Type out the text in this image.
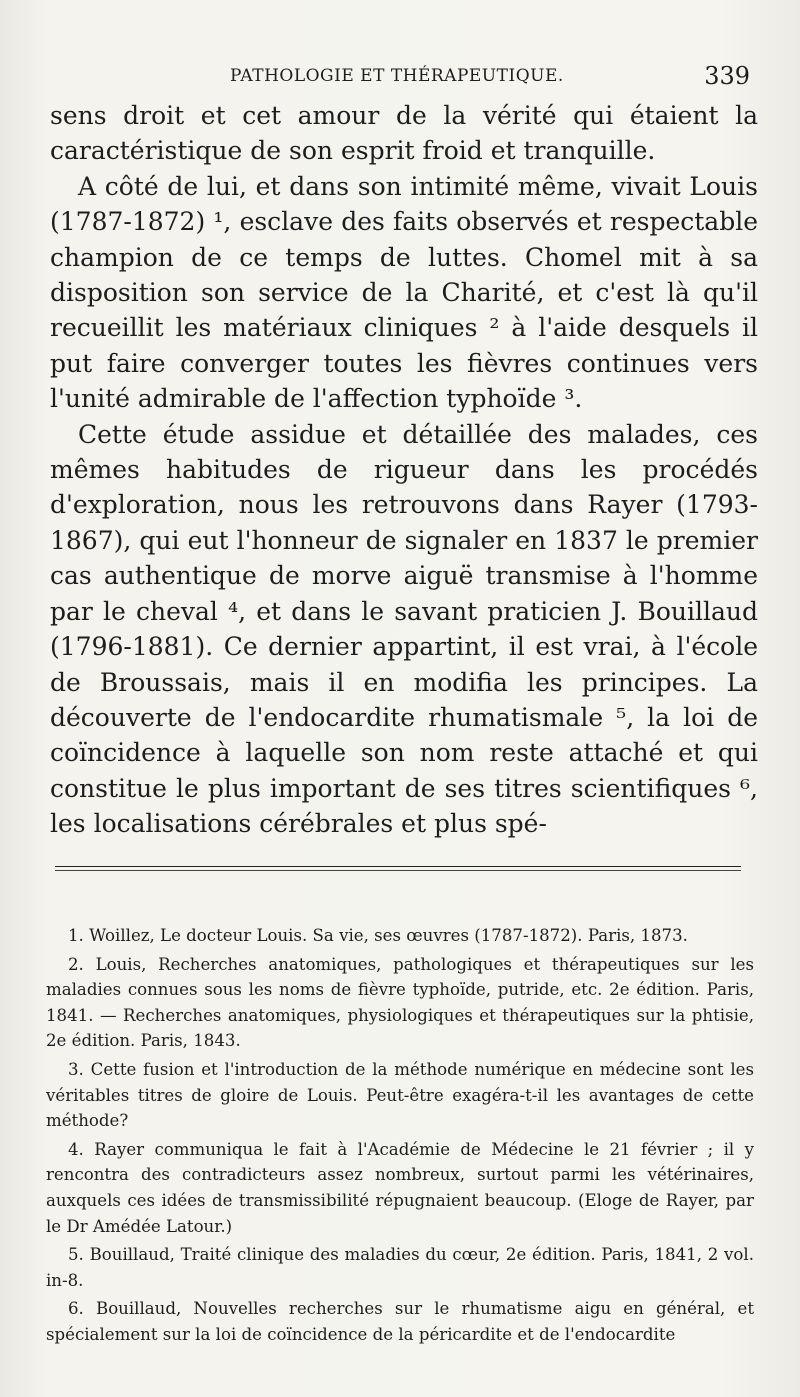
PATHOLOGIE ET THÉRAPEUTIQUE.	339

sens droit et cet amour de la vérité qui étaient la caractéristique de son esprit froid et tranquille.

A côté de lui, et dans son intimité même, vivait Louis (1787-1872) ¹, esclave des faits observés et respectable champion de ce temps de luttes. Chomel mit à sa disposition son service de la Charité, et c'est là qu'il recueillit les matériaux cliniques ² à l'aide desquels il put faire converger toutes les fièvres continues vers l'unité admirable de l'affection typhoïde ³.

Cette étude assidue et détaillée des malades, ces mêmes habitudes de rigueur dans les procédés d'exploration, nous les retrouvons dans Rayer (1793-1867), qui eut l'honneur de signaler en 1837 le premier cas authentique de morve aiguë transmise à l'homme par le cheval ⁴, et dans le savant praticien J. Bouillaud (1796-1881). Ce dernier appartint, il est vrai, à l'école de Broussais, mais il en modifia les principes. La découverte de l'endocardite rhumatismale ⁵, la loi de coïncidence à laquelle son nom reste attaché et qui constitue le plus important de ses titres scientifiques ⁶, les localisations cérébrales et plus spé-

1. Woillez, Le docteur Louis. Sa vie, ses œuvres (1787-1872). Paris, 1873.

2. Louis, Recherches anatomiques, pathologiques et thérapeutiques sur les maladies connues sous les noms de fièvre typhoïde, putride, etc. 2e édition. Paris, 1841. — Recherches anatomiques, physiologiques et thérapeutiques sur la phtisie, 2e édition. Paris, 1843.

3. Cette fusion et l'introduction de la méthode numérique en médecine sont les véritables titres de gloire de Louis. Peut-être exagéra-t-il les avantages de cette méthode?

4. Rayer communiqua le fait à l'Académie de Médecine le 21 février ; il y rencontra des contradicteurs assez nombreux, surtout parmi les vétérinaires, auxquels ces idées de transmissibilité répugnaient beaucoup. (Eloge de Rayer, par le Dr Amédée Latour.)

5. Bouillaud, Traité clinique des maladies du cœur, 2e édition. Paris, 1841, 2 vol. in-8.

6. Bouillaud, Nouvelles recherches sur le rhumatisme aigu en général, et spécialement sur la loi de coïncidence de la péricardite et de l'endocardite
